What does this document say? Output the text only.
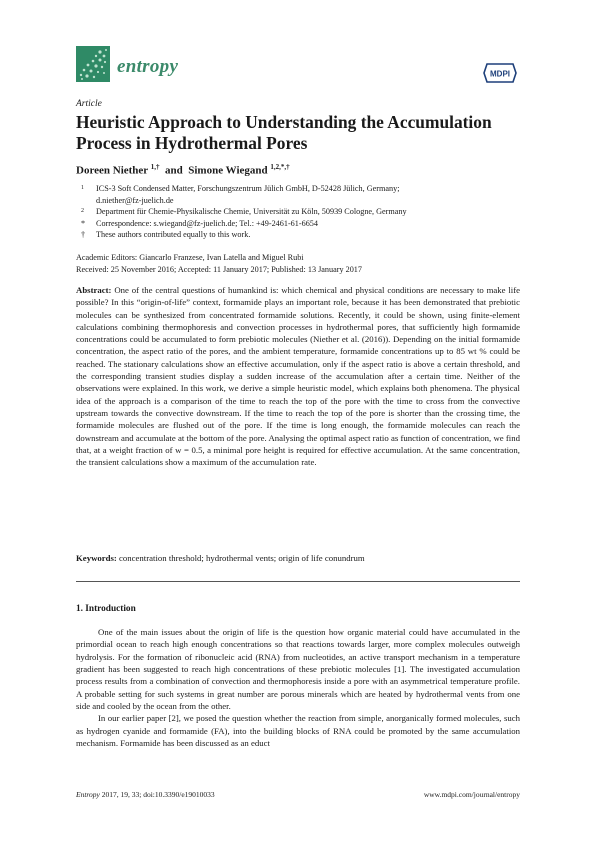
entropy	MDPI
Article
Heuristic Approach to Understanding the Accumulation Process in Hydrothermal Pores
Doreen Niether $^{1,\dagger}$  and  Simone Wiegand $^{1,2,*,\dagger}$
1	ICS-3 Soft Condensed Matter, Forschungszentrum Jülich GmbH, D-52428 Jülich, Germany;
d.niether@fz-juelich.de
2	Department für Chemie-Physikalische Chemie, Universität zu Köln, 50939 Cologne, Germany
*	Correspondence: s.wiegand@fz-juelich.de; Tel.: +49-2461-61-6654
†	These authors contributed equally to this work.
Academic Editors: Giancarlo Franzese, Ivan Latella and Miguel Rubi
Received: 25 November 2016; Accepted: 11 January 2017; Published: 13 January 2017
Abstract: One of the central questions of humankind is: which chemical and physical conditions are necessary to make life possible? In this “origin-of-life” context, formamide plays an important role, because it has been demonstrated that prebiotic molecules can be synthesized from concentrated formamide solutions. Recently, it could be shown, using finite-element calculations combining thermophoresis and convection processes in hydrothermal pores, that sufficiently high formamide concentrations could be accumulated to form prebiotic molecules (Niether et al. (2016)). Depending on the initial formamide concentration, the aspect ratio of the pores, and the ambient temperature, formamide concentrations up to 85 wt % could be reached. The stationary calculations show an effective accumulation, only if the aspect ratio is above a certain threshold, and the corresponding transient studies display a sudden increase of the accumulation after a certain time. Neither of the observations were explained. In this work, we derive a simple heuristic model, which explains both phenomena. The physical idea of the approach is a comparison of the time to reach the top of the pore with the time to cross from the convective upstream towards the convective downstream. If the time to reach the top of the pore is shorter than the crossing time, the formamide molecules are flushed out of the pore. If the time is long enough, the formamide molecules can reach the downstream and accumulate at the bottom of the pore. Analysing the optimal aspect ratio as function of concentration, we find that, at a weight fraction of w = 0.5, a minimal pore height is required for effective accumulation. At the same concentration, the transient calculations show a maximum of the accumulation rate.
Keywords: concentration threshold; hydrothermal vents; origin of life conundrum
1. Introduction

One of the main issues about the origin of life is the question how organic material could have accumulated in the primordial ocean to reach high enough concentrations so that reactions towards larger, more complex molecules outweigh hydrolysis. For the formation of ribonucleic acid (RNA) from nucleotides, an active transport mechanism in a temperature gradient has been suggested to reach high concentrations of these prebiotic molecules [1]. The investigated accumulation process results from a combination of convection and thermophoresis inside a pore with an asymmetrical temperature profile. A probable setting for such systems in great number are porous minerals which are heated by hydrothermal vents from one side and cooled by the ocean from the other.

In our earlier paper [2], we posed the question whether the reaction from simple, anorganically formed molecules, such as hydrogen cyanide and formamide (FA), into the building blocks of RNA could be promoted by the same accumulation mechanism. Formamide has been discussed as an educt

Entropy 2017, 19, 33; doi:10.3390/e19010033	www.mdpi.com/journal/entropy
